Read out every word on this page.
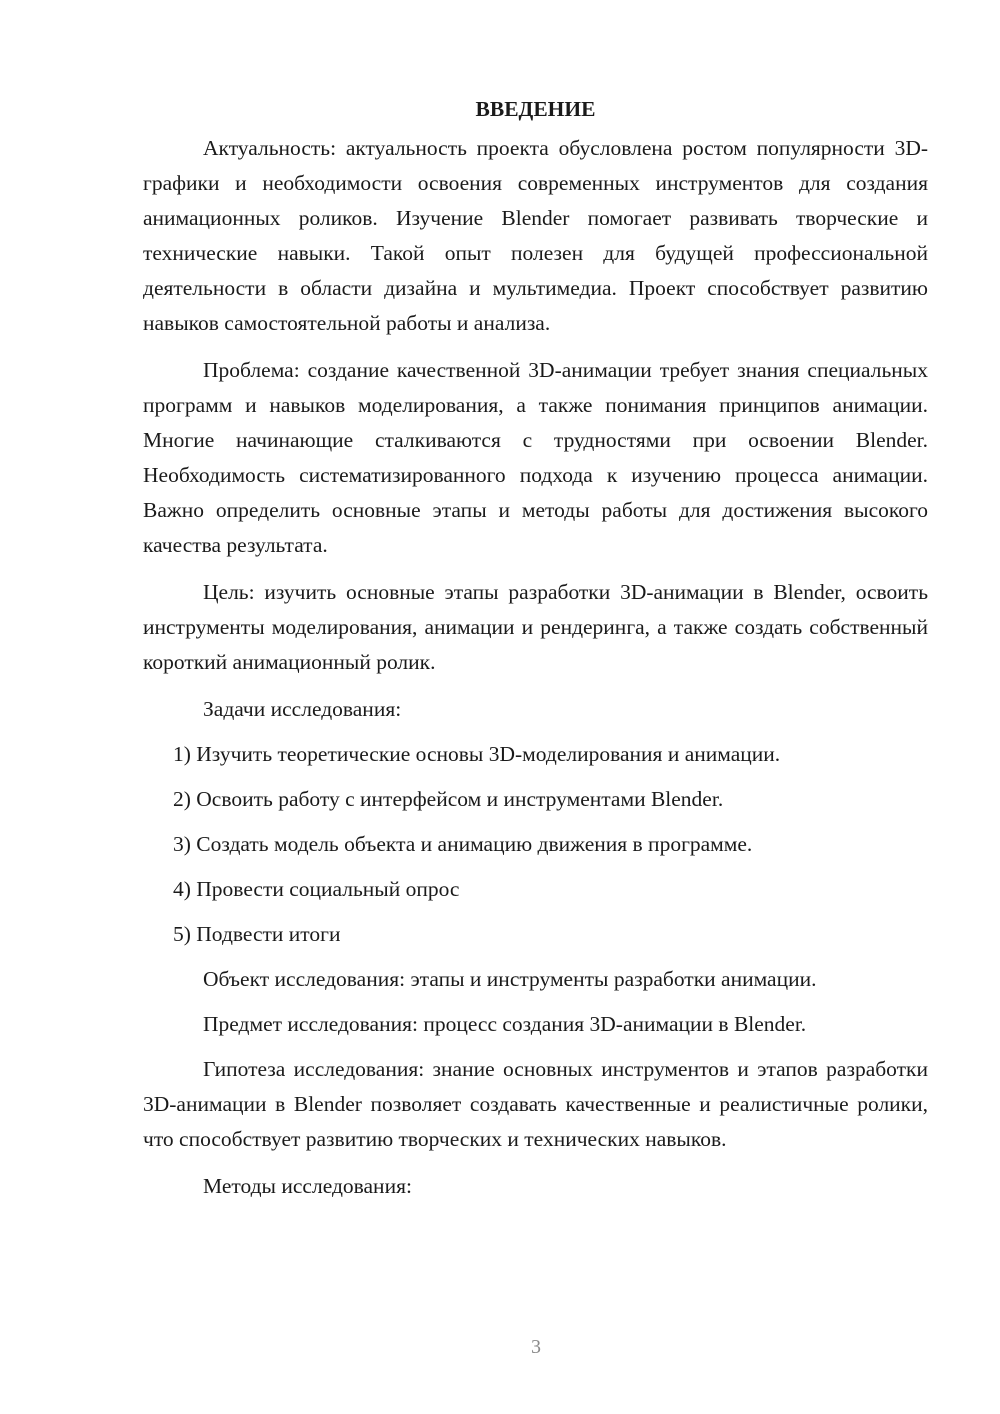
ВВЕДЕНИЕ

Актуальность: актуальность проекта обусловлена ростом популярности 3D-графики и необходимости освоения современных инструментов для создания анимационных роликов. Изучение Blender помогает развивать творческие и технические навыки. Такой опыт полезен для будущей профессиональной деятельности в области дизайна и мультимедиа. Проект способствует развитию навыков самостоятельной работы и анализа.

Проблема: создание качественной 3D-анимации требует знания специальных программ и навыков моделирования, а также понимания принципов анимации. Многие начинающие сталкиваются с трудностями при освоении Blender. Необходимость систематизированного подхода к изучению процесса анимации. Важно определить основные этапы и методы работы для достижения высокого качества результата.

Цель: изучить основные этапы разработки 3D-анимации в Blender, освоить инструменты моделирования, анимации и рендеринга, а также создать собственный короткий анимационный ролик.

Задачи исследования:

1) Изучить теоретические основы 3D-моделирования и анимации.
2) Освоить работу с интерфейсом и инструментами Blender.
3) Создать модель объекта и анимацию движения в программе.
4) Провести социальный опрос
5) Подвести итоги

Объект исследования: этапы и инструменты разработки анимации.

Предмет исследования: процесс создания 3D-анимации в Blender.

Гипотеза исследования: знание основных инструментов и этапов разработки 3D-анимации в Blender позволяет создавать качественные и реалистичные ролики, что способствует развитию творческих и технических навыков.

Методы исследования:

3
